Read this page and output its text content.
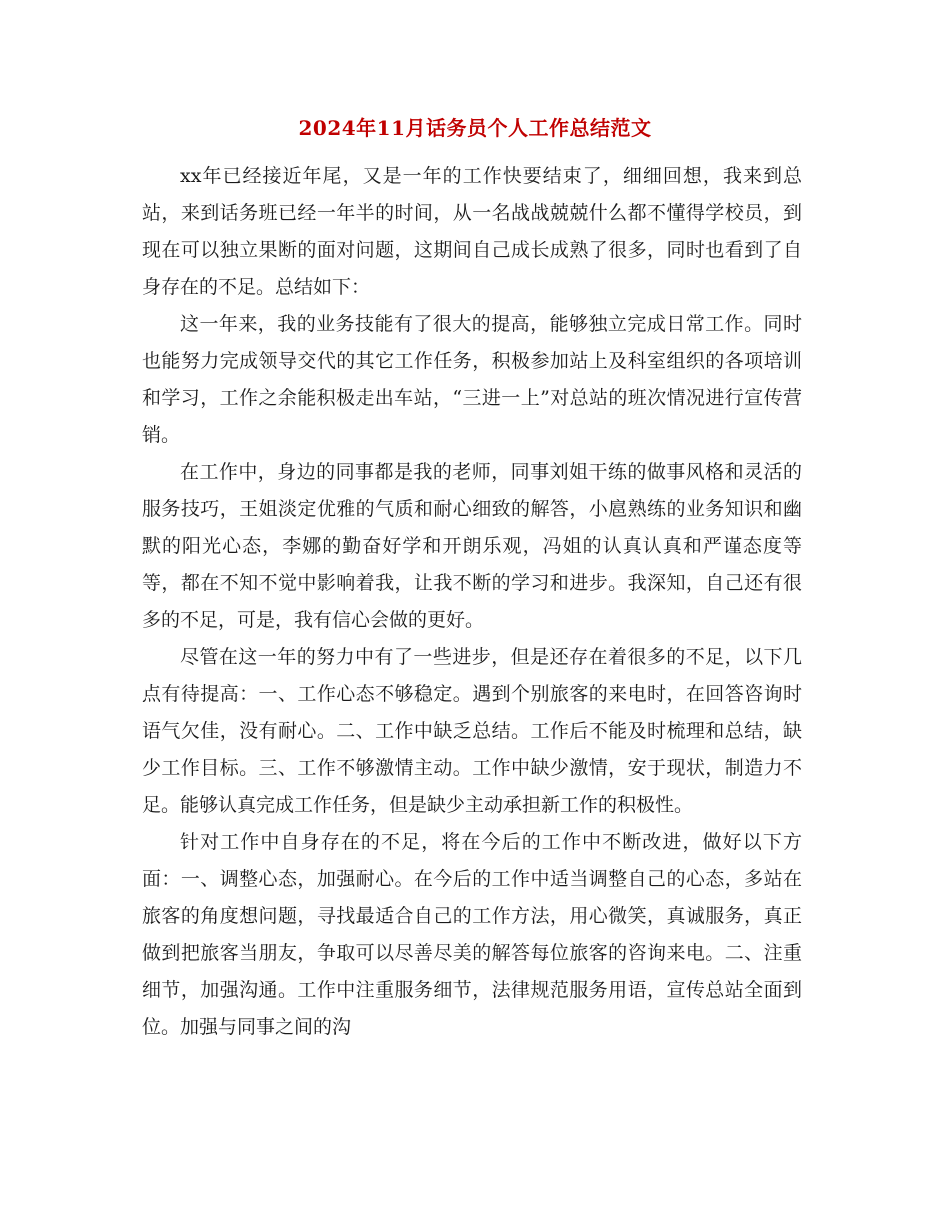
2024年11月话务员个人工作总结范文

xx年已经接近年尾，又是一年的工作快要结束了，细细回想，我来到总站，来到话务班已经一年半的时间，从一名战战兢兢什么都不懂得学校员，到现在可以独立果断的面对问题，这期间自己成长成熟了很多，同时也看到了自身存在的不足。总结如下：

这一年来，我的业务技能有了很大的提高，能够独立完成日常工作。同时也能努力完成领导交代的其它工作任务，积极参加站上及科室组织的各项培训和学习，工作之余能积极走出车站，“三进一上”对总站的班次情况进行宣传营销。

在工作中，身边的同事都是我的老师，同事刘姐干练的做事风格和灵活的服务技巧，王姐淡定优雅的气质和耐心细致的解答，小扈熟练的业务知识和幽默的阳光心态，李娜的勤奋好学和开朗乐观，冯姐的认真认真和严谨态度等等，都在不知不觉中影响着我，让我不断的学习和进步。我深知，自己还有很多的不足，可是，我有信心会做的更好。

尽管在这一年的努力中有了一些进步，但是还存在着很多的不足，以下几点有待提高：一、工作心态不够稳定。遇到个别旅客的来电时，在回答咨询时语气欠佳，没有耐心。二、工作中缺乏总结。工作后不能及时梳理和总结，缺少工作目标。三、工作不够激情主动。工作中缺少激情，安于现状，制造力不足。能够认真完成工作任务，但是缺少主动承担新工作的积极性。

针对工作中自身存在的不足，将在今后的工作中不断改进，做好以下方面：一、调整心态，加强耐心。在今后的工作中适当调整自己的心态，多站在旅客的角度想问题，寻找最适合自己的工作方法，用心微笑，真诚服务，真正做到把旅客当朋友，争取可以尽善尽美的解答每位旅客的咨询来电。二、注重细节，加强沟通。工作中注重服务细节，法律规范服务用语，宣传总站全面到位。加强与同事之间的沟
